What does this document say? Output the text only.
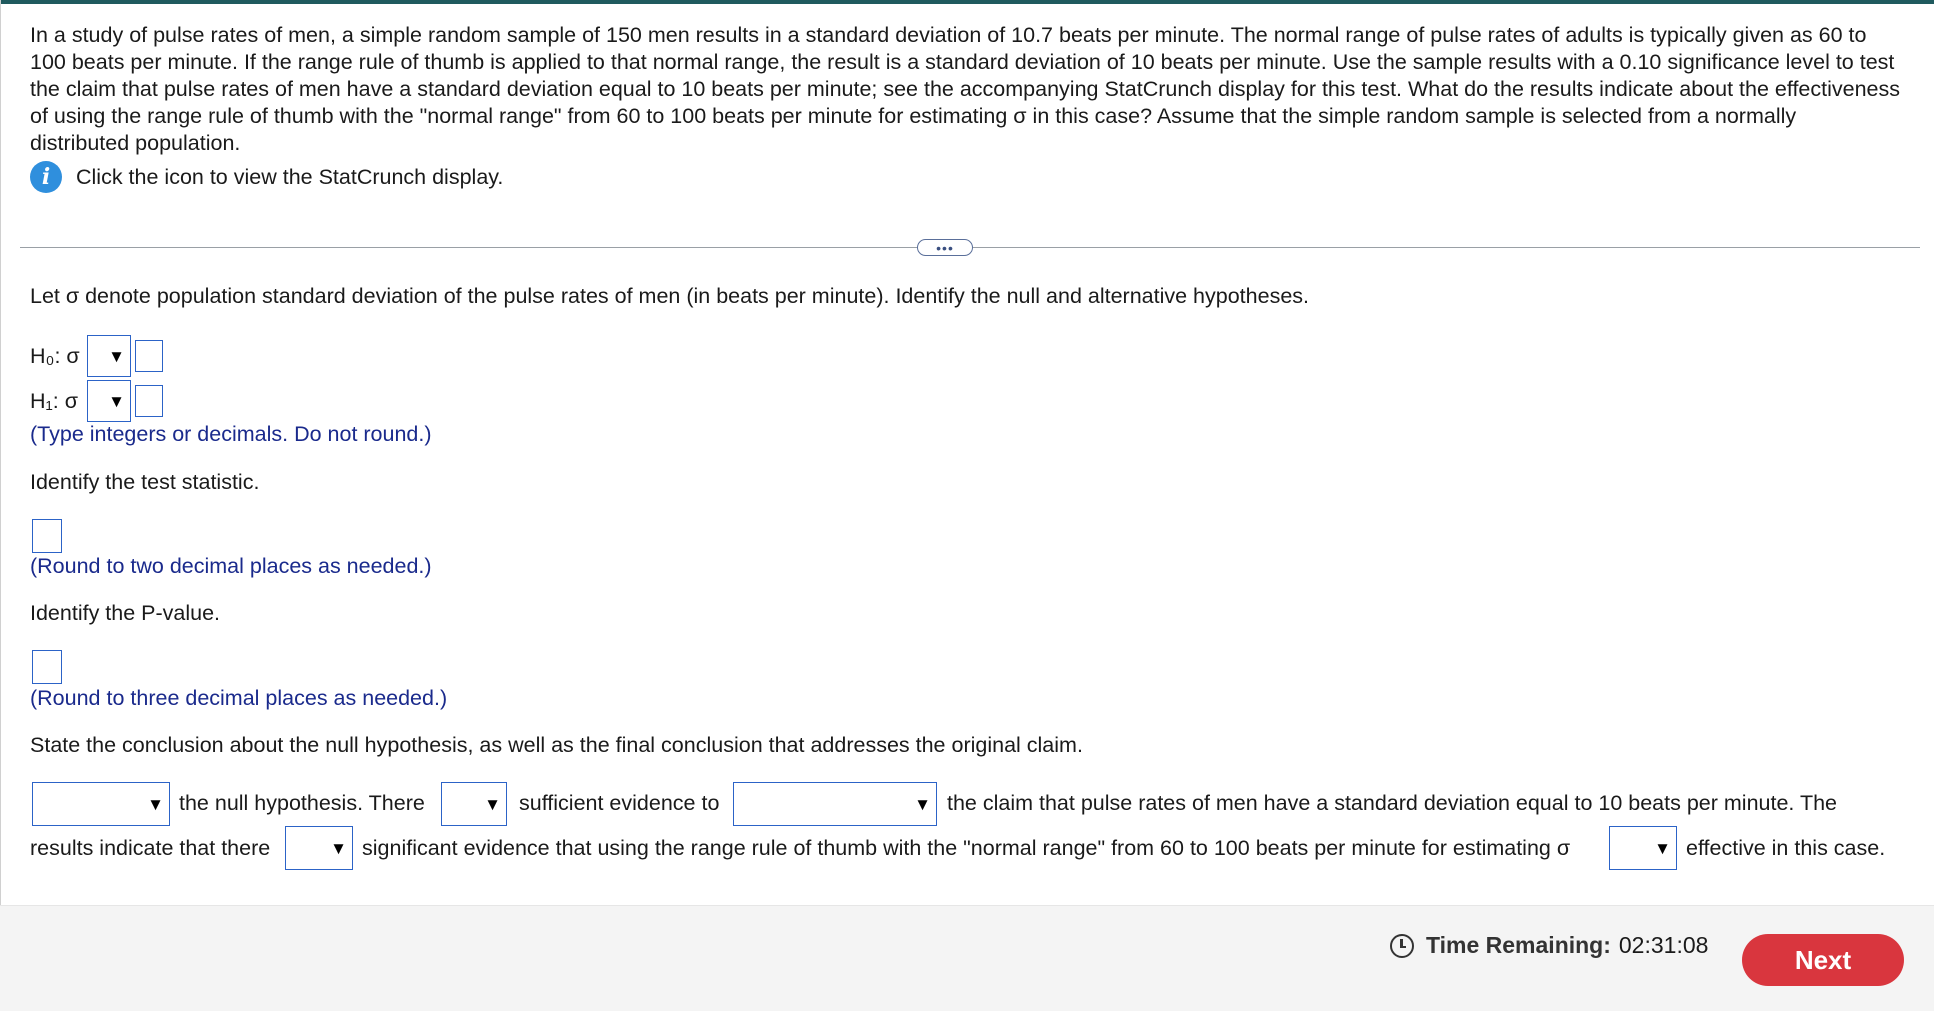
In a study of pulse rates of men, a simple random sample of 150 men results in a standard deviation of 10.7 beats per minute. The normal range of pulse rates of adults is typically given as 60 to 100 beats per minute. If the range rule of thumb is applied to that normal range, the result is a standard deviation of 10 beats per minute. Use the sample results with a 0.10 significance level to test the claim that pulse rates of men have a standard deviation equal to 10 beats per minute; see the accompanying StatCrunch display for this test. What do the results indicate about the effectiveness of using the range rule of thumb with the "normal range" from 60 to 100 beats per minute for estimating σ in this case? Assume that the simple random sample is selected from a normally distributed population.
i	Click the icon to view the StatCrunch display.
•••
Let σ denote population standard deviation of the pulse rates of men (in beats per minute). Identify the null and alternative hypotheses.
H₀: σ	▼
H₁: σ	▼
(Type integers or decimals. Do not round.)
Identify the test statistic.
(Round to two decimal places as needed.)
Identify the P-value.
(Round to three decimal places as needed.)
State the conclusion about the null hypothesis, as well as the final conclusion that addresses the original claim.
▼ the null hypothesis. There	▼ sufficient evidence to	▼ the claim that pulse rates of men have a standard deviation equal to 10 beats per minute. The
results indicate that there	▼ significant evidence that using the range rule of thumb with the "normal range" from 60 to 100 beats per minute for estimating σ	▼ effective in this case.
Time Remaining: 02:31:08	Next
